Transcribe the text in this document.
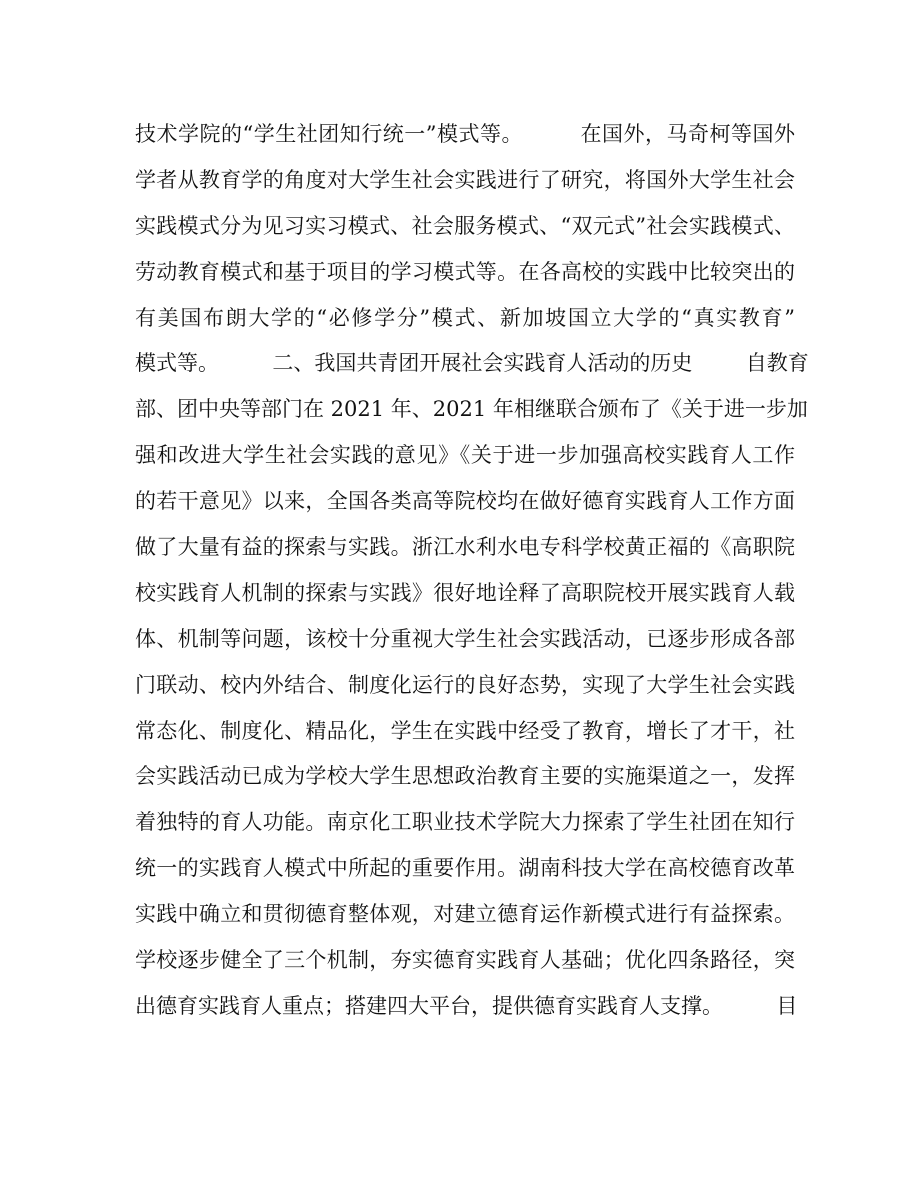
技术学院的“学生社团知行统一”模式等。        在国外，马奇柯等国外
学者从教育学的角度对大学生社会实践进行了研究，将国外大学生社会
实践模式分为见习实习模式、社会服务模式、“双元式”社会实践模式、
劳动教育模式和基于项目的学习模式等。在各高校的实践中比较突出的
有美国布朗大学的“必修学分”模式、新加坡国立大学的“真实教育”
模式等。        二、我国共青团开展社会实践育人活动的历史        自教育
部、团中央等部门在 2021 年、2021 年相继联合颁布了《关于进一步加
强和改进大学生社会实践的意见》《关于进一步加强高校实践育人工作
的若干意见》以来，全国各类高等院校均在做好德育实践育人工作方面
做了大量有益的探索与实践。浙江水利水电专科学校黄正福的《高职院
校实践育人机制的探索与实践》很好地诠释了高职院校开展实践育人载
体、机制等问题，该校十分重视大学生社会实践活动，已逐步形成各部
门联动、校内外结合、制度化运行的良好态势，实现了大学生社会实践
常态化、制度化、精品化，学生在实践中经受了教育，增长了才干，社
会实践活动已成为学校大学生思想政治教育主要的实施渠道之一，发挥
着独特的育人功能。南京化工职业技术学院大力探索了学生社团在知行
统一的实践育人模式中所起的重要作用。湖南科技大学在高校德育改革
实践中确立和贯彻德育整体观，对建立德育运作新模式进行有益探索。
学校逐步健全了三个机制，夯实德育实践育人基础；优化四条路径，突
出德育实践育人重点；搭建四大平台，提供德育实践育人支撑。        目
